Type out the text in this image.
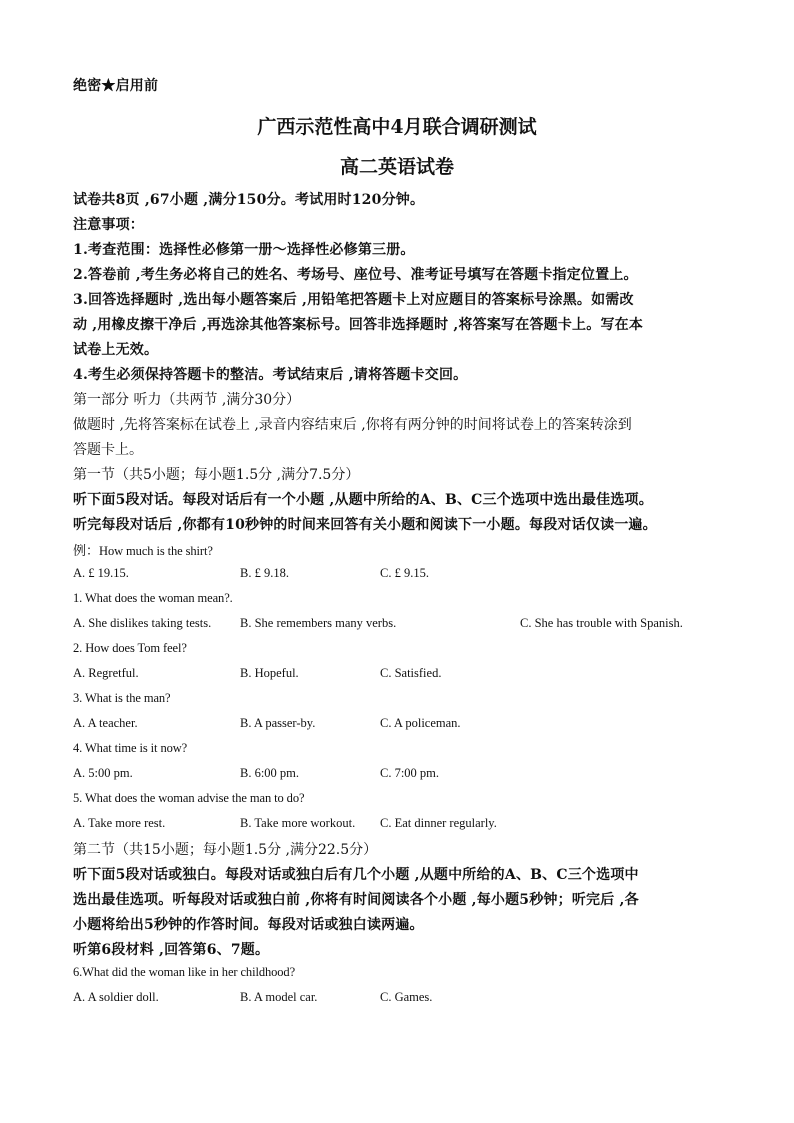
绝密★启用前
广西示范性高中4月联合调研测试
高二英语试卷
试卷共8页 ,67小题 ,满分150分。考试用时120分钟。
注意事项：
1.考查范围：选择性必修第一册～选择性必修第三册。
2.答卷前 ,考生务必将自己的姓名、考场号、座位号、准考证号填写在答题卡指定位置上。
3.回答选择题时 ,选出每小题答案后 ,用铅笔把答题卡上对应题目的答案标号涂黑。如需改
动 ,用橡皮擦干净后 ,再选涂其他答案标号。回答非选择题时 ,将答案写在答题卡上。写在本
试卷上无效。
4.考生必须保持答题卡的整洁。考试结束后 ,请将答题卡交回。
第一部分 听力（共两节 ,满分30分）
做题时 ,先将答案标在试卷上 ,录音内容结束后 ,你将有两分钟的时间将试卷上的答案转涂到
答题卡上。
第一节（共5小题；每小题1.5分 ,满分7.5分）
听下面5段对话。每段对话后有一个小题 ,从题中所给的A、B、C三个选项中选出最佳选项。
听完每段对话后 ,你都有10秒钟的时间来回答有关小题和阅读下一小题。每段对话仅读一遍。
例：How much is the shirt?
A. £ 19.15.	B. £ 9.18.	C. £ 9.15.
1. What does the woman mean?.
A. She dislikes taking tests. B. She remembers many verbs.	C. She has trouble with Spanish.
2. How does Tom feel?
A. Regretful.	B. Hopeful.	C. Satisfied.
3. What is the man?
A. A teacher.	B. A passer-by.	C. A policeman.
4. What time is it now?
A. 5:00 pm.	B. 6:00 pm.	C. 7:00 pm.
5. What does the woman advise the man to do?
A. Take more rest.	B. Take more workout. C. Eat dinner regularly.
第二节（共15小题；每小题1.5分 ,满分22.5分）
听下面5段对话或独白。每段对话或独白后有几个小题 ,从题中所给的A、B、C三个选项中
选出最佳选项。听每段对话或独白前 ,你将有时间阅读各个小题 ,每小题5秒钟；听完后 ,各
小题将给出5秒钟的作答时间。每段对话或独白读两遍。
听第6段材料 ,回答第6、7题。
6.What did the woman like in her childhood?
A. A soldier doll.	B. A model car.	C. Games.
